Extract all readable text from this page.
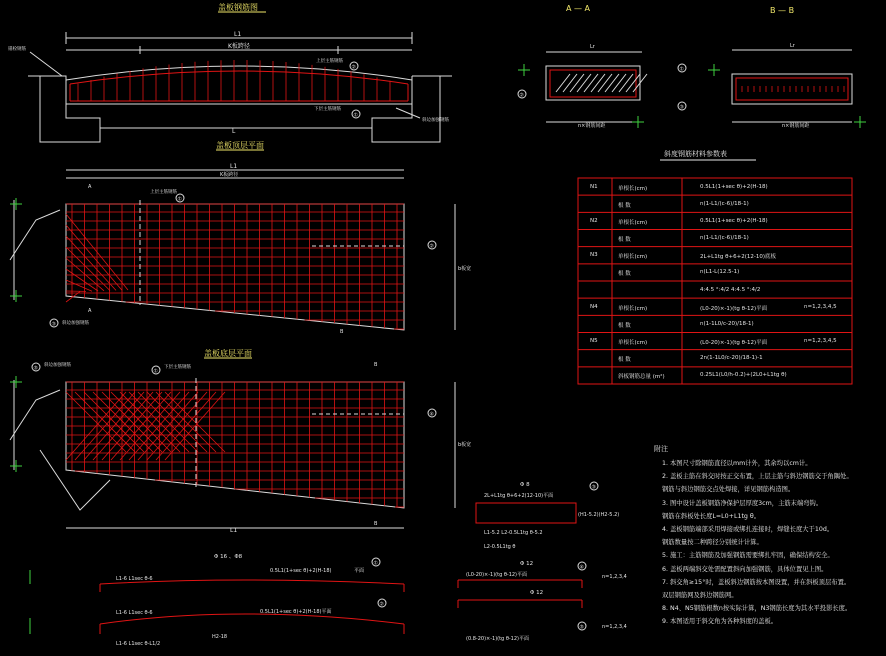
盖板钢筋图
L1
K板跨径
L
锚栓钢筋
上层主筋钢筋
下层主筋钢筋
②
①
斜边加强钢筋
盖板顶层平面
L1
K板跨径
b板宽
①
上层主筋钢筋
②
③ 斜边加强钢筋
A
A
B
盖板底层平面
b板宽
⑤ 斜边加强钢筋
①
下层主筋钢筋
④
B
B
L1
Φ 16 、Φ8
①
0.5L1(1+sec θ)+2(H-18)	平面
L1-6 L1sec θ-6
②
0.5L1(1+sec θ)+2(H-18)平面
L1-6 L1sec θ-6
L1-6 L1sec θ-L1/2
H2-18
Φ 8	③
2L+L1tg θ+6+2(12-10)平面
(H1-5.2)(H2-5.2)
L1-5.2 L2-0.5L1tg θ-5.2
L2-0.5L1tg θ
Φ 12
④
(L0-20)×-1)(tg θ-12)平面	n=1,2,3,4
Φ 12
⑤
(0.8-20)×-1)(tg θ-12)平面
n=1,2,3,4
A — A
Lr
①
②
③
n×钢筋间距
B — B
Lr
n×钢筋间距
斜度钢筋材料参数表
N1	单根长(cm)	0.5L1(1+sec θ)+2(H-18)
根 数	n(1-L1/(c-6)/18-1)
N2	单根长(cm)	0.5L1(1+sec θ)+2(H-18)
根 数	n(1-L1/(c-6)/18-1)
N3	单根长(cm)	2L+L1tg θ+6+2(12-10)底板
根 数	n(L1-L(12.5-1)
4:4.5 °:4/2 4:4.5 °:4/2
N4	单根长(cm)	(L0-20)×-1)(tg θ-12)平面	n=1,2,3,4,5
根 数	n(1-1L0/c-20)/18-1)
N5	单根长(cm)	(L0-20)×-1)(tg θ-12)平面	n=1,2,3,4,5
根 数	2n(1-1L0/c-20)/18-1)-1
斜板钢筋总量 (m²)	0.25L1(L0/h-0.2)+(2L0+L1tg θ)
附注
1. 本图尺寸除钢筋直径以mm计外，其余均以cm计。
2. 盖板主筋在斜交时按正交布置，上层主筋与斜边钢筋交于角隅处。
钢筋与斜边钢筋交点处焊接，详见钢筋构造图。
3. 图中设计盖板钢筋净保护层厚度3cm，主筋末端弯钩。
钢筋在斜板处长度L=L0+L1tg θ。
4. 盖板钢筋端部采用焊接或绑扎连接时，焊缝长度大于10d。
钢筋数量按二种跨径分别统计计算。
5. 施工：主筋钢筋及加强钢筋需要绑扎牢固，确保结构安全。
6. 盖板两端斜交处需配置斜向加强钢筋，具体位置见上图。
7. 斜交角≥15°时，盖板斜边钢筋按本图设置，并在斜板顶层布置。
双层钢筋网及斜边钢筋网。
8. N4、N5钢筋根数n按实际计算，N3钢筋长度为其水平投影长度。
9. 本图适用于斜交角为各种斜度的盖板。
